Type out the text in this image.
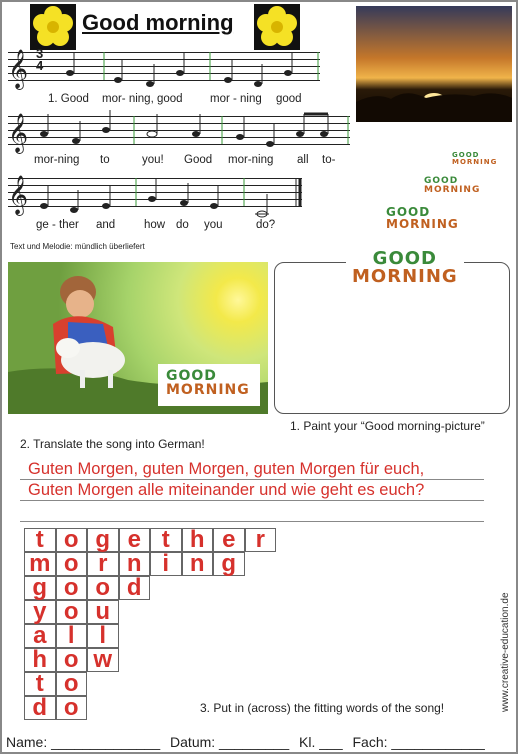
Good morning
𝄞 3
4
1. Good mor- ning, good mor - ning good
𝄞
mor-ning to	you! Good mor-ning all to-
𝄞
ge - ther and	how do you	do?
Text und Melodie: mündlich überliefert
GOOD
MORNING
GOOD
MORNING
GOOD
MORNING
GOOD
MORNING
GOOD
MORNING
1. Paint your “Good morning-picture”
2. Translate the song into German!
Guten Morgen, guten Morgen, guten Morgen für euch,
Guten Morgen alle miteinander und wie geht es euch?
t o g e t h e r
m o r n i n g
g o o d
y o u
a l	l
h o w
t o
d o	3. Put in (across) the fitting words of the song!	www.creative-education.de
Name: ______________ Datum: _________ Kl. ___ Fach: ____________
